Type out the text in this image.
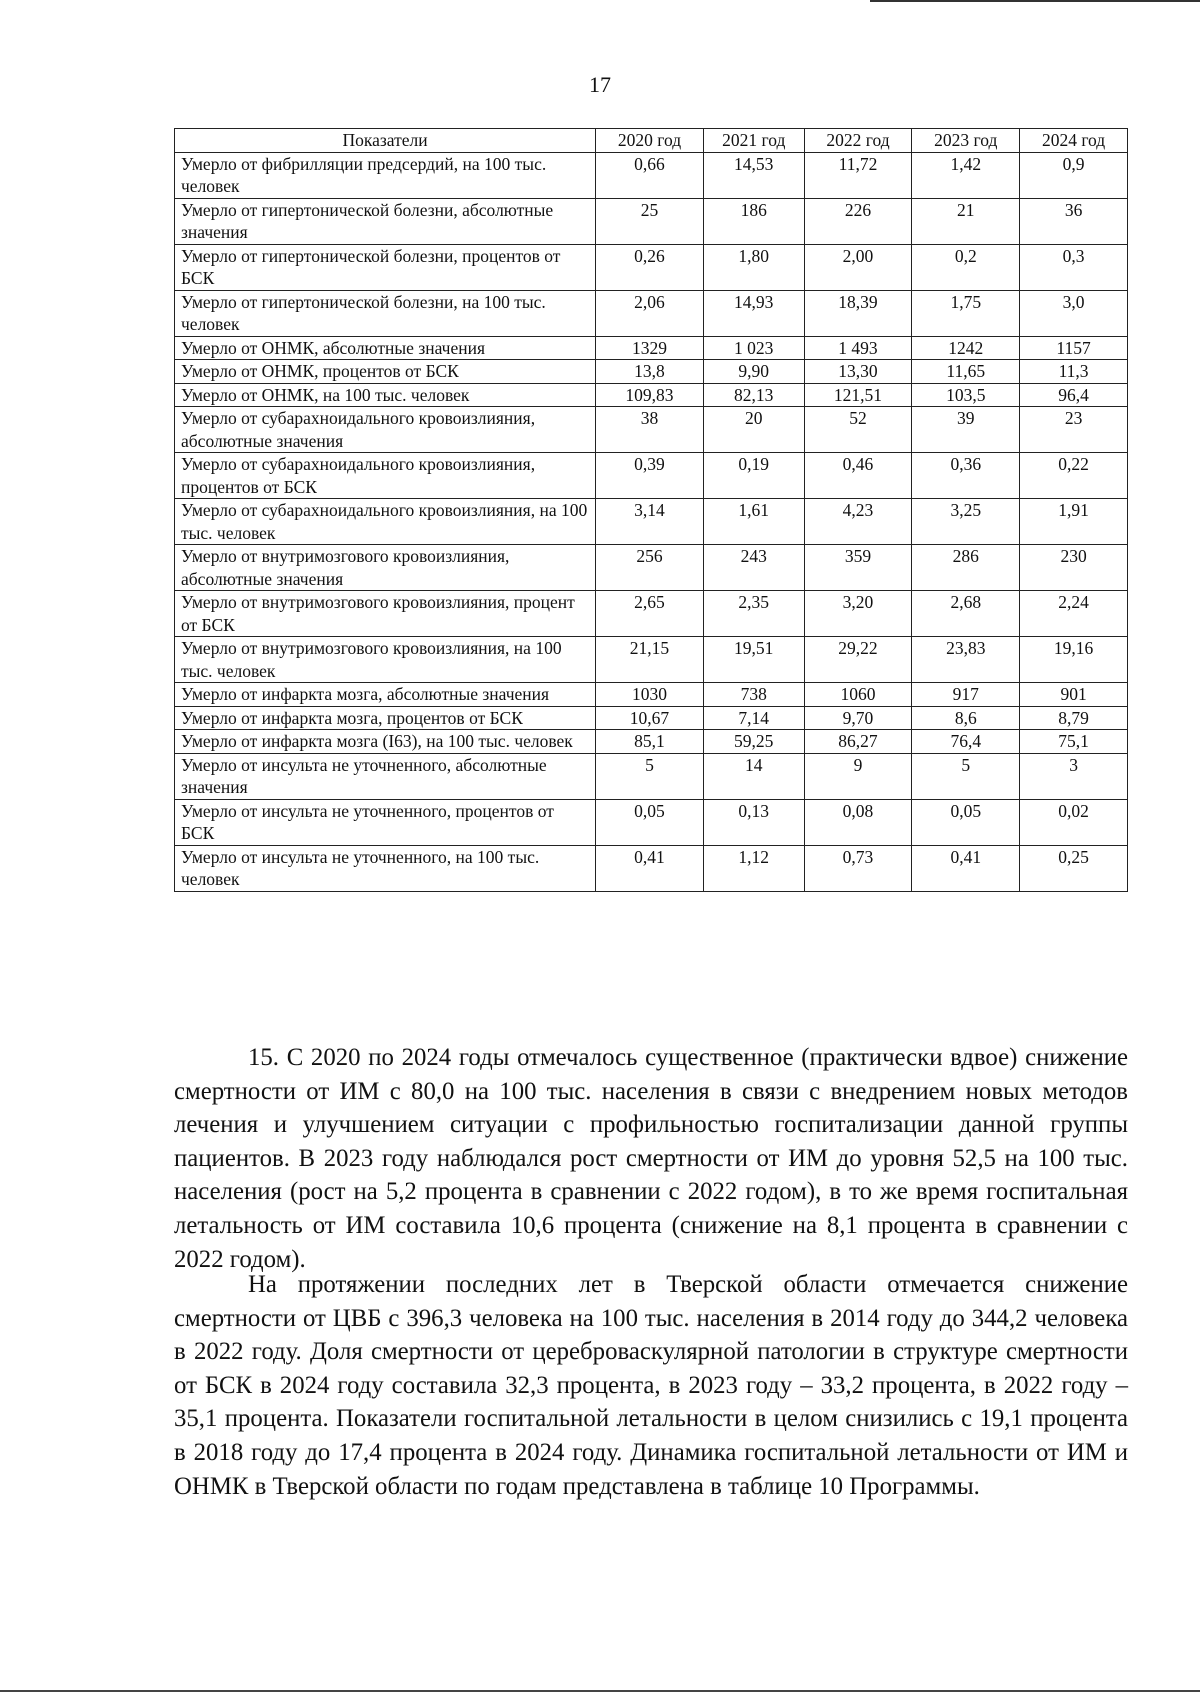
17
Показатели	2020 год	2021 год	2022 год	2023 год	2024 год
Умерло от фибрилляции предсердий, на 100 тыс. человек	0,66	14,53	11,72	1,42	0,9
Умерло от гипертонической болезни, абсолютные значения	25	186	226	21	36
Умерло от гипертонической болезни, процентов от БСК	0,26	1,80	2,00	0,2	0,3
Умерло от гипертонической болезни, на 100 тыс. человек	2,06	14,93	18,39	1,75	3,0
Умерло от ОНМК, абсолютные значения	1329	1 023	1 493	1242	1157
Умерло от ОНМК, процентов от БСК	13,8	9,90	13,30	11,65	11,3
Умерло от ОНМК, на 100 тыс. человек	109,83	82,13	121,51	103,5	96,4
Умерло от субарахноидального кровоизлияния, абсолютные значения	38	20	52	39	23
Умерло от субарахноидального кровоизлияния, процентов от БСК	0,39	0,19	0,46	0,36	0,22
Умерло от субарахноидального кровоизлияния, на 100 тыс. человек	3,14	1,61	4,23	3,25	1,91
Умерло от внутримозгового кровоизлияния, абсолютные значения	256	243	359	286	230
Умерло от внутримозгового кровоизлияния, процент от БСК	2,65	2,35	3,20	2,68	2,24
Умерло от внутримозгового кровоизлияния, на 100 тыс. человек	21,15	19,51	29,22	23,83	19,16
Умерло от инфаркта мозга, абсолютные значения	1030	738	1060	917	901
Умерло от инфаркта мозга, процентов от БСК	10,67	7,14	9,70	8,6	8,79
Умерло от инфаркта мозга (I63), на 100 тыс. человек	85,1	59,25	86,27	76,4	75,1
Умерло от инсульта не уточненного, абсолютные значения	5	14	9	5	3
Умерло от инсульта не уточненного, процентов от БСК	0,05	0,13	0,08	0,05	0,02
Умерло от инсульта не уточненного, на 100 тыс. человек	0,41	1,12	0,73	0,41	0,25

15. С 2020 по 2024 годы отмечалось существенное (практически вдвое) снижение смертности от ИМ с 80,0 на 100 тыс. населения в связи с внедрением новых методов лечения и улучшением ситуации с профильностью госпитализации данной группы пациентов. В 2023 году наблюдался рост смертности от ИМ до уровня 52,5 на 100 тыс. населения (рост на 5,2 процента в сравнении с 2022 годом), в то же время госпитальная летальность от ИМ составила 10,6 процента (снижение на 8,1 процента в сравнении с 2022 годом).

На протяжении последних лет в Тверской области отмечается снижение смертности от ЦВБ с 396,3 человека на 100 тыс. населения в 2014 году до 344,2 человека в 2022 году. Доля смертности от цереброваскулярной патологии в структуре смертности от БСК в 2024 году составила 32,3 процента, в 2023 году – 33,2 процента, в 2022 году – 35,1 процента. Показатели госпитальной летальности в целом снизились с 19,1 процента в 2018 году до 17,4 процента в 2024 году. Динамика госпитальной летальности от ИМ и ОНМК в Тверской области по годам представлена в таблице 10 Программы.
